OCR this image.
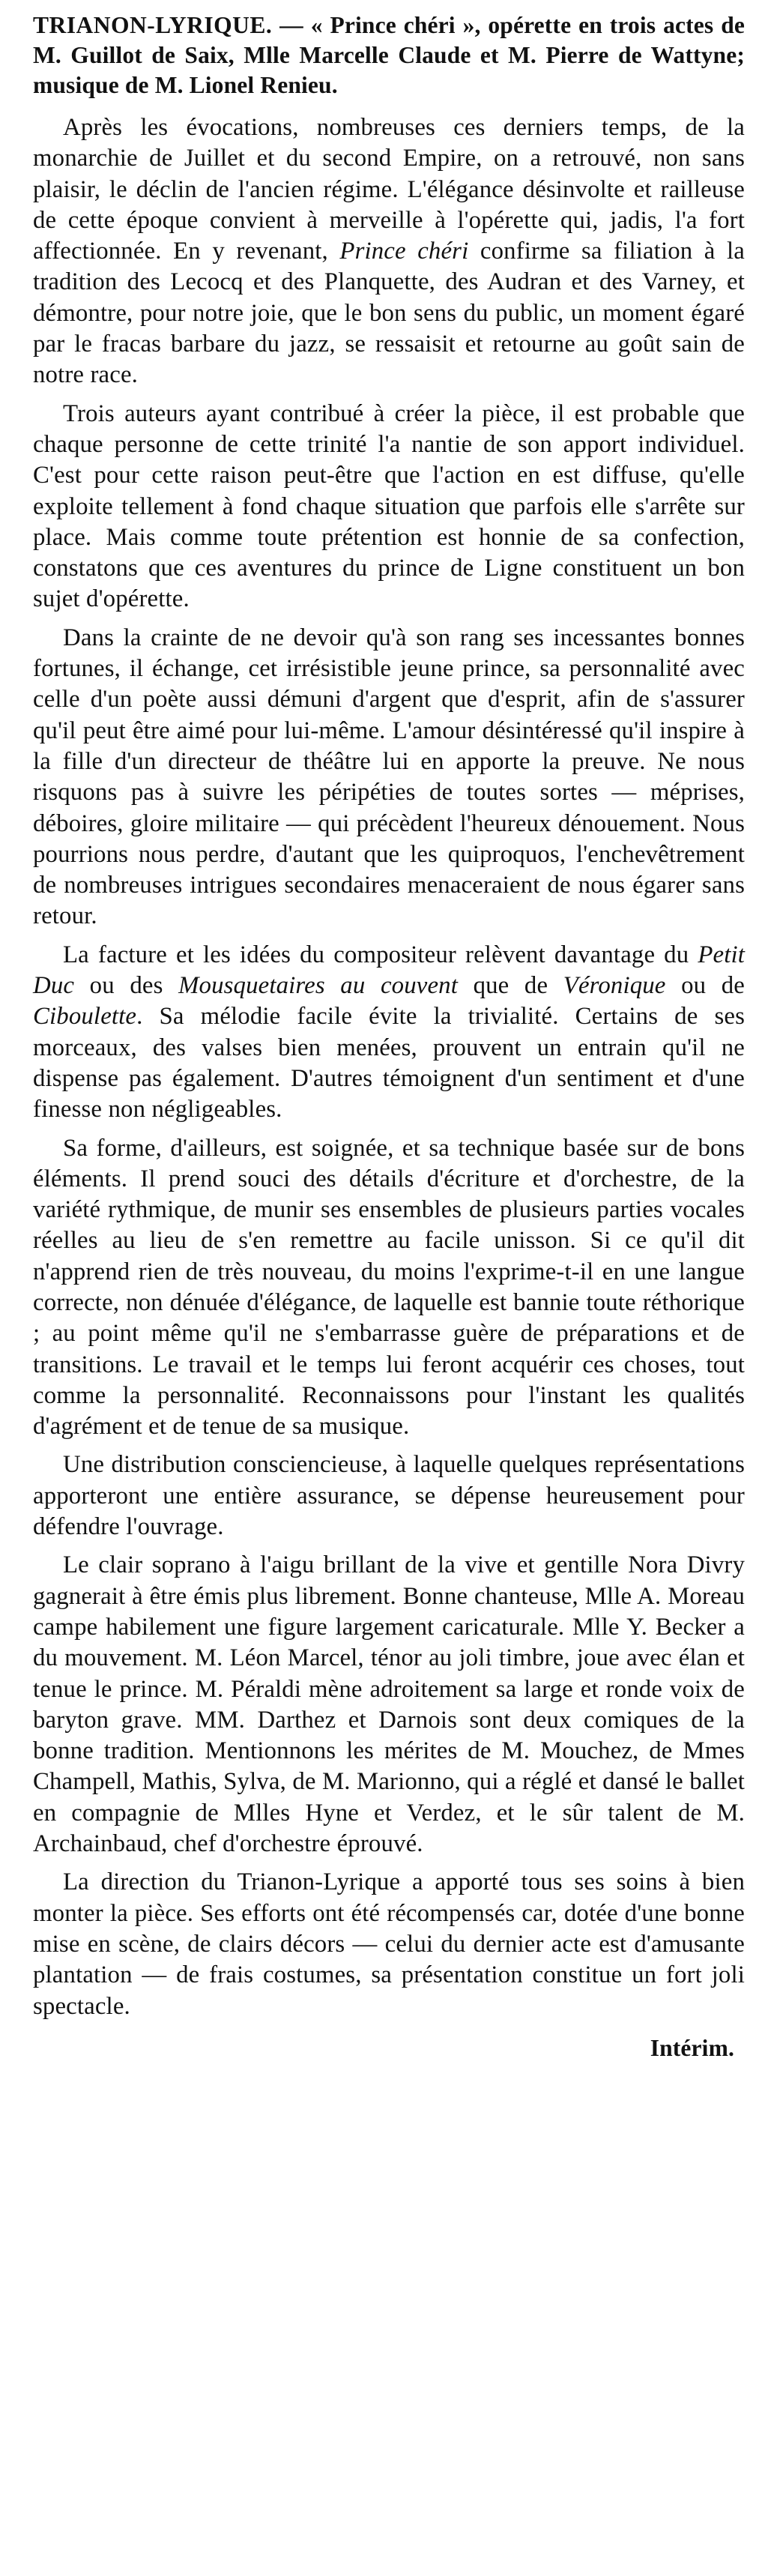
TRIANON-LYRIQUE. — « Prince chéri », opérette en trois actes de M. Guillot de Saix, Mlle Marcelle Claude et M. Pierre de Wattyne; musique de M. Lionel Renieu.

Après les évocations, nombreuses ces derniers temps, de la monarchie de Juillet et du second Empire, on a retrouvé, non sans plaisir, le déclin de l'ancien régime. L'élégance désinvolte et railleuse de cette époque convient à merveille à l'opérette qui, jadis, l'a fort affectionnée. En y revenant, Prince chéri confirme sa filiation à la tradition des Lecocq et des Planquette, des Audran et des Varney, et démontre, pour notre joie, que le bon sens du public, un moment égaré par le fracas barbare du jazz, se ressaisit et retourne au goût sain de notre race.

Trois auteurs ayant contribué à créer la pièce, il est probable que chaque personne de cette trinité l'a nantie de son apport individuel. C'est pour cette raison peut-être que l'action en est diffuse, qu'elle exploite tellement à fond chaque situation que parfois elle s'arrête sur place. Mais comme toute prétention est honnie de sa confection, constatons que ces aventures du prince de Ligne constituent un bon sujet d'opérette.

Dans la crainte de ne devoir qu'à son rang ses incessantes bonnes fortunes, il échange, cet irrésistible jeune prince, sa personnalité avec celle d'un poète aussi démuni d'argent que d'esprit, afin de s'assurer qu'il peut être aimé pour lui-même. L'amour désintéressé qu'il inspire à la fille d'un directeur de théâtre lui en apporte la preuve. Ne nous risquons pas à suivre les péripéties de toutes sortes — méprises, déboires, gloire militaire — qui précèdent l'heureux dénouement. Nous pourrions nous perdre, d'autant que les quiproquos, l'enchevêtrement de nombreuses intrigues secondaires menaceraient de nous égarer sans retour.

La facture et les idées du compositeur relèvent davantage du Petit Duc ou des Mousquetaires au couvent que de Véronique ou de Ciboulette. Sa mélodie facile évite la trivialité. Certains de ses morceaux, des valses bien menées, prouvent un entrain qu'il ne dispense pas également. D'autres témoignent d'un sentiment et d'une finesse non négligeables.

Sa forme, d'ailleurs, est soignée, et sa technique basée sur de bons éléments. Il prend souci des détails d'écriture et d'orchestre, de la variété rythmique, de munir ses ensembles de plusieurs parties vocales réelles au lieu de s'en remettre au facile unisson. Si ce qu'il dit n'apprend rien de très nouveau, du moins l'exprime-t-il en une langue correcte, non dénuée d'élégance, de laquelle est bannie toute réthorique ; au point même qu'il ne s'embarrasse guère de préparations et de transitions. Le travail et le temps lui feront acquérir ces choses, tout comme la personnalité. Reconnaissons pour l'instant les qualités d'agrément et de tenue de sa musique.

Une distribution consciencieuse, à laquelle quelques représentations apporteront une entière assurance, se dépense heureusement pour défendre l'ouvrage.

Le clair soprano à l'aigu brillant de la vive et gentille Nora Divry gagnerait à être émis plus librement. Bonne chanteuse, Mlle A. Moreau campe habilement une figure largement caricaturale. Mlle Y. Becker a du mouvement. M. Léon Marcel, ténor au joli timbre, joue avec élan et tenue le prince. M. Péraldi mène adroitement sa large et ronde voix de baryton grave. MM. Darthez et Darnois sont deux comiques de la bonne tradition. Mentionnons les mérites de M. Mouchez, de Mmes Champell, Mathis, Sylva, de M. Marionno, qui a réglé et dansé le ballet en compagnie de Mlles Hyne et Verdez, et le sûr talent de M. Archainbaud, chef d'orchestre éprouvé.

La direction du Trianon-Lyrique a apporté tous ses soins à bien monter la pièce. Ses efforts ont été récompensés car, dotée d'une bonne mise en scène, de clairs décors — celui du dernier acte est d'amusante plantation — de frais costumes, sa présentation constitue un fort joli spectacle.

Intérim.
